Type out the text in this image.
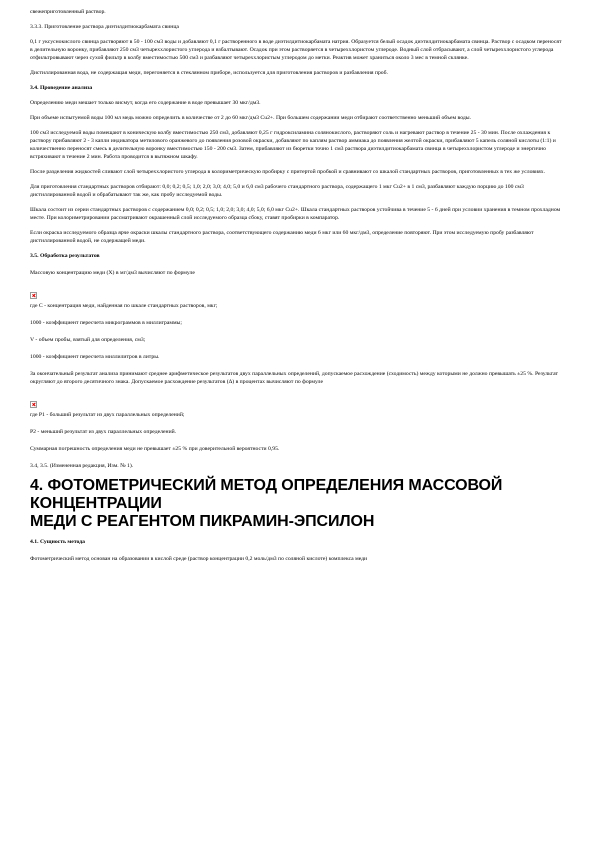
свежеприготовленный раствор.

3.3.3. Приготовление раствора диэтилдитиокарбамата свинца

0,1 г уксуснокислого свинца растворяют в 50 - 100 см3 воды и добавляют 0,1 г растворенного в воде диэтилдитиокарбамата натрия. Образуется белый осадок диэтилдитиокарбамата свинца. Раствор с осадком переносят в делительную воронку, прибавляют 250 см3 четыреххлористого углерода и взбалтывают. Осадок при этом растворяется в четыреххлористом углероде. Водный слой отбрасывают, а слой четыреххлористого углерода отфильтровывают через сухой фильтр в колбу вместимостью 500 см3 и разбавляют четыреххлористым углеродом до метки. Реактив может храниться около 3 мес в темной склянке.

Дистиллированная вода, не содержащая меди, перегоняется в стеклянном приборе, используется для приготовления растворов и разбавления проб.

3.4. Проведение анализа

Определению меди мешает только висмут, когда его содержание в воде превышает 30 мкг/дм3.

При объеме испытуемой воды 100 мл медь можно определить в количестве от 2 до 60 мкг/дм3 Cu2+. При большем содержании меди отбирают соответственно меньший объем воды.

100 см3 исследуемой воды помещают в коническую колбу вместимостью 250 см3, добавляют 0,25 г гидроксиламина солянокислого, растворяют соль и нагревают раствор в течение 25 - 30 мин. После охлаждения к раствору прибавляют 2 - 3 капли индикатора метилового оранжевого до появления розовой окраски, добавляют по каплям раствор аммиака до появления желтой окраски, прибавляют 5 капель соляной кислоты (1:1) и количественно переносят смесь в делительную воронку вместимостью 150 - 200 см3. Затем, прибавляют из бюретки точно 1 см3 раствора диэтилдитиокарбамата свинца в четыреххлористом углероде и энергично встряхивают в течение 2 мин. Работа проводится в вытяжном шкафу.

После разделения жидкостей сливают слой четыреххлористого углерода в колориметрическую пробирку с притертой пробкой и сравнивают со шкалой стандартных растворов, приготовленных в тех же условиях.

Для приготовления стандартных растворов отбирают: 0,0; 0,2; 0,5; 1,0; 2,0; 3,0; 4,0; 5,0 и 6,0 см3 рабочего стандартного раствора, содержащего 1 мкг Cu2+ в 1 см3, разбавляют каждую порцию до 100 см3 дистиллированной водой и обрабатывают так же, как пробу исследуемой воды.

Шкала состоит из серии стандартных растворов с содержанием 0,0; 0,2; 0,5; 1,0; 2,0; 3,0; 4,0; 5,0; 6,0 мкг Cu2+. Шкала стандартных растворов устойчива в течение 5 - 6 дней при условии хранения в темном прохладном месте. При колориметрировании рассматривают окрашенный слой исследуемого образца сбоку, ставят пробирки в компаратор.

Если окраска исследуемого образца ярче окраски шкалы стандартного раствора, соответствующего содержанию меди 6 мкг или 60 мкг/дм3, определение повторяют. При этом исследуемую пробу разбавляют дистиллированной водой, не содержащей меди.

3.5. Обработка результатов

Массовую концентрацию меди (X) в мг/дм3 вычисляют по формуле

где C - концентрация меди, найденная по шкале стандартных растворов, мкг;

1000 - коэффициент пересчета микрограммов в миллиграммы;

V - объем пробы, взятый для определения, см3;

1000 - коэффициент пересчета миллилитров в литры.

За окончательный результат анализа принимают среднее арифметическое результатов двух параллельных определений, допускаемое расхождение (сходимость) между которыми не должно превышать ±25 %. Результат округляют до второго десятичного знака. Допускаемое расхождение результатов (Δ) в процентах вычисляют по формуле

где P1 - больший результат из двух параллельных определений;

P2 - меньший результат из двух параллельных определений.

Суммарная погрешность определения меди не превышает ±25 % при доверительной вероятности 0,95.

3.4, 3.5. (Измененная редакция, Изм. № 1).

4. ФОТОМЕТРИЧЕСКИЙ МЕТОД ОПРЕДЕЛЕНИЯ МАССОВОЙ
КОНЦЕНТРАЦИИ
МЕДИ С РЕАГЕНТОМ ПИКРАМИН-ЭПСИЛОН

4.1. Сущность метода

Фотометрический метод основан на образовании в кислой среде (раствор концентрации 0,2 моль/дм3 по соляной кислоте) комплекса меди
